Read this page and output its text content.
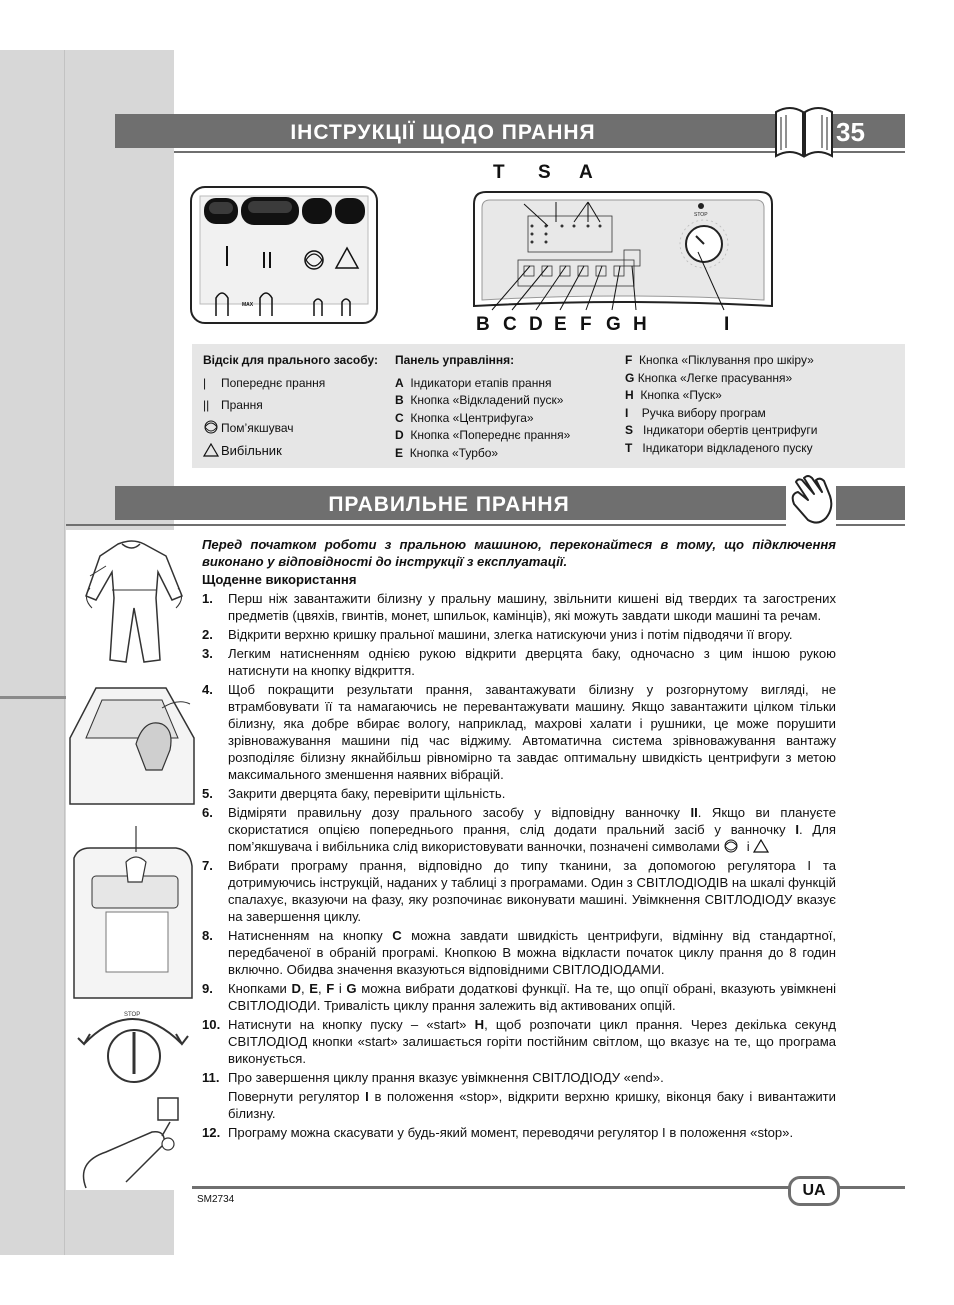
ІНСТРУКЦІЇ ЩОДО ПРАННЯ	35
MAX
STOP
T S A
B C D E F G H	I
Відсік для прального засобу:
| Попереднє прання
|| Прання
Пом’якшувач
Вибільник
Панель управління:
A Індикатори етапів прання
B Кнопка «Відкладений пуск»
C Кнопка «Центрифуга»
D Кнопка «Попереднє прання»
E Кнопка «Турбо»
F Кнопка «Піклування про шкіру»
G Кнопка «Легке прасування»
H Кнопка «Пуск»
I Ручка вибору програм
S Індикатори обертів центрифуги
T Індикатори відкладеного пуску
ПРАВИЛЬНЕ ПРАННЯ
STOP
Перед початком роботи з пральною машиною, переконайтеся в тому, що підключення виконано у відповідності до інструкції з експлуатації.
Щоденне використання
1. Перш ніж завантажити білизну у пральну машину, звільнити кишені від твердих та загострених предметів (цвяхів, гвинтів, монет, шпильок, камінців), які можуть завдати шкоди машині та речам.

2. Відкрити верхню кришку пральної машини, злегка натискуючи униз і потім підводячи її вгору.

3. Легким натисненням однією рукою відкрити дверцята баку, одночасно з цим іншою рукою натиснути на кнопку відкриття.

4. Щоб покращити результати прання, завантажувати білизну у розгорнутому вигляді, не втрамбовувати її та намагаючись не перевантажувати машину. Якщо завантажити цілком тільки білизну, яка добре вбирає вологу, наприклад, махрові халати і рушники, це може порушити зрівноважування машини під час віджиму. Автоматична система зрівноважування вантажу розподіляє білизну якнайбільш рівномірно та завдає оптимальну швидкість центрифуги з метою максимального зменшення наявних вібрацій.

5. Закрити дверцята баку, перевірити щільність.

6. Відміряти правильну дозу прального засобу у відповідну ванночку II. Якщо ви плануєте скористатися опцією попереднього прання, слід додати пральний засіб у ванночку I. Для пом’якшувача і вибільника слід використовувати ванночки, позначені символами і

7. Вибрати програму прання, відповідно до типу тканини, за допомогою регулятора I та дотримуючись інструкцій, наданих у таблиці з програмами. Один з СВІТЛОДІОДІВ на шкалі функцій спалахує, вказуючи на фазу, яку розпочинає виконувати машині. Увімкнення СВІТЛОДІОДУ вказує на завершення циклу.

8. Натисненням на кнопку C можна завдати швидкість центрифуги, відмінну від стандартної, передбаченої в обраній програмі. Кнопкою B можна відкласти початок циклу прання до 8 годин включно. Обидва значення вказуються відповідними СВІТЛОДІОДАМИ.

9. Кнопками D, E, F і G можна вибрати додаткові функції. На те, що опції обрані, вказують увімкнені СВІТЛОДІОДИ. Тривалість циклу прання залежить від активованих опцій.

10. Натиснути на кнопку пуску – «start» H, щоб розпочати цикл прання. Через декілька секунд СВІТЛОДІОД кнопки «start» залишається горіти постійним світлом, що вказує на те, що програма виконується.

11. Про завершення циклу прання вказує увімкнення СВІТЛОДІОДУ «end».

Повернути регулятор I в положення «stop», відкрити верхню кришку, віконця баку і вивантажити білизну.

12. Програму можна скасувати у будь-який момент, переводячи регулятор I в положення «stop».

UA
SM2734
